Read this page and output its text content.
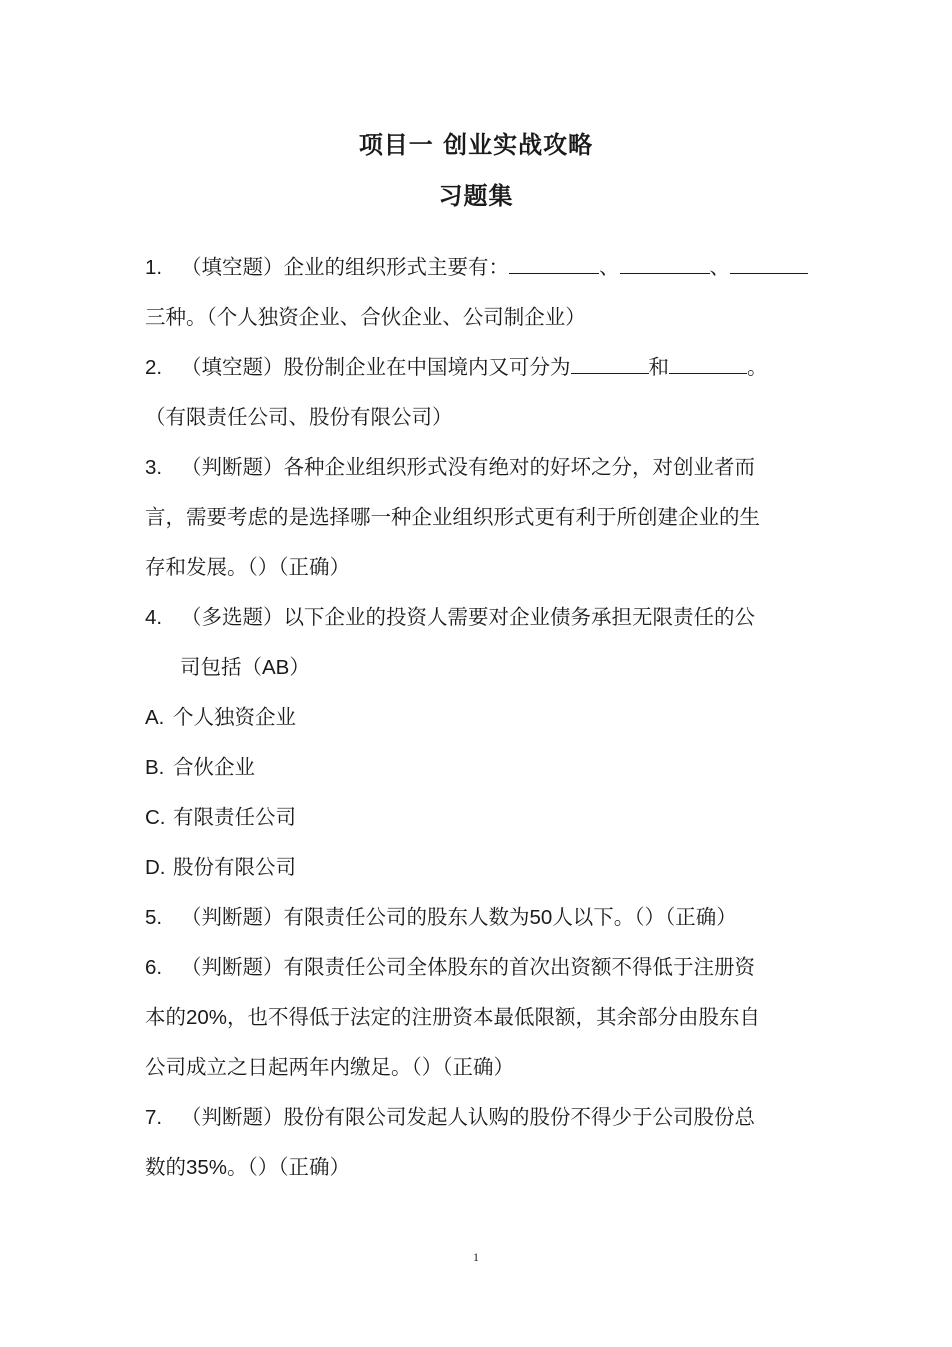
项目一 创业实战攻略
习题集
1. （填空题）企业的组织形式主要有：	、	、
三种。（个人独资企业、合伙企业、公司制企业）
2. （填空题）股份制企业在中国境内又可分为	和	。
（有限责任公司、股份有限公司）
3. （判断题）各种企业组织形式没有绝对的好坏之分，对创业者而
言，需要考虑的是选择哪一种企业组织形式更有利于所创建企业的生
存和发展。（）（正确）
4. （多选题）以下企业的投资人需要对企业债务承担无限责任的公
司包括（AB）
A. 个人独资企业
B. 合伙企业
C. 有限责任公司
D. 股份有限公司
5. （判断题）有限责任公司的股东人数为50人以下。（）（正确）
6. （判断题）有限责任公司全体股东的首次出资额不得低于注册资
本的20%，也不得低于法定的注册资本最低限额，其余部分由股东自
公司成立之日起两年内缴足。（）（正确）
7. （判断题）股份有限公司发起人认购的股份不得少于公司股份总
数的35%。（）（正确）
1
